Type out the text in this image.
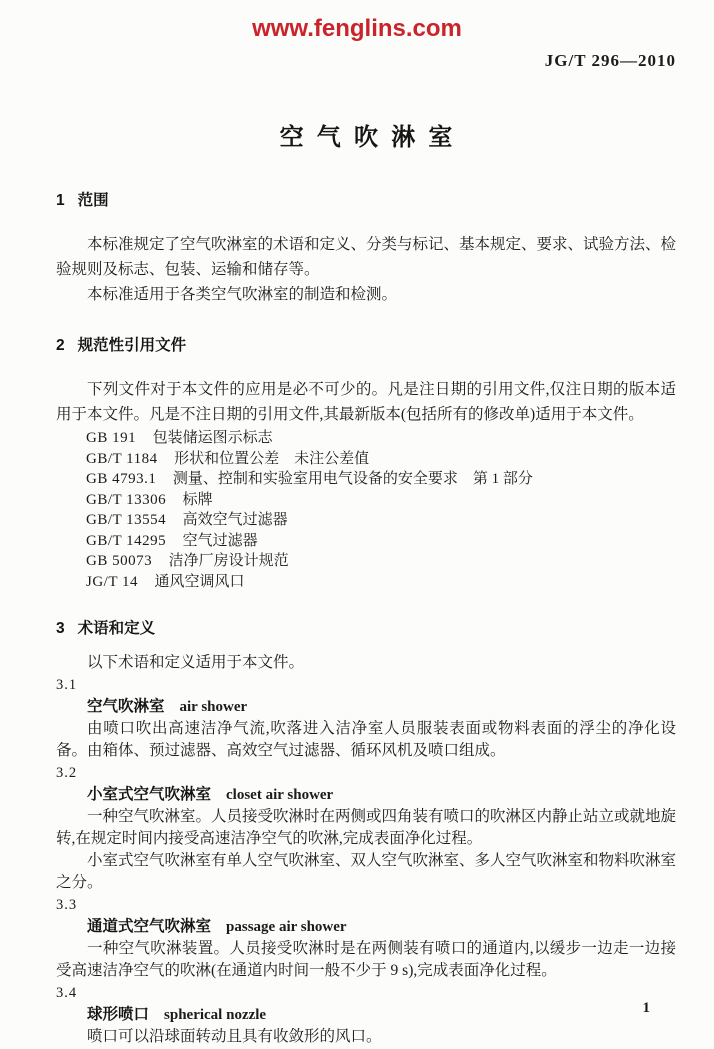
www.fenglins.com
JG/T 296—2010
空气吹淋室
1 范围

本标准规定了空气吹淋室的术语和定义、分类与标记、基本规定、要求、试验方法、检验规则及标志、包装、运输和储存等。

本标准适用于各类空气吹淋室的制造和检测。

2 规范性引用文件

下列文件对于本文件的应用是必不可少的。凡是注日期的引用文件,仅注日期的版本适用于本文件。凡是不注日期的引用文件,其最新版本(包括所有的修改单)适用于本文件。

GB 191 包装储运图示标志
GB/T 1184 形状和位置公差　未注公差值
GB 4793.1 测量、控制和实验室用电气设备的安全要求　第 1 部分
GB/T 13306 标牌
GB/T 13554 高效空气过滤器
GB/T 14295 空气过滤器
GB 50073 洁净厂房设计规范
JG/T 14 通风空调风口
3 术语和定义

以下术语和定义适用于本文件。

3.1
空气吹淋室 air shower

由喷口吹出高速洁净气流,吹落进入洁净室人员服装表面或物料表面的浮尘的净化设备。由箱体、预过滤器、高效空气过滤器、循环风机及喷口组成。

3.2
小室式空气吹淋室 closet air shower

一种空气吹淋室。人员接受吹淋时在两侧或四角装有喷口的吹淋区内静止站立或就地旋转,在规定时间内接受高速洁净空气的吹淋,完成表面净化过程。

小室式空气吹淋室有单人空气吹淋室、双人空气吹淋室、多人空气吹淋室和物料吹淋室之分。

3.3
通道式空气吹淋室 passage air shower

一种空气吹淋装置。人员接受吹淋时是在两侧装有喷口的通道内,以缓步一边走一边接受高速洁净空气的吹淋(在通道内时间一般不少于 9 s),完成表面净化过程。

3.4
球形喷口 spherical nozzle

喷口可以沿球面转动且具有收敛形的风口。

1
